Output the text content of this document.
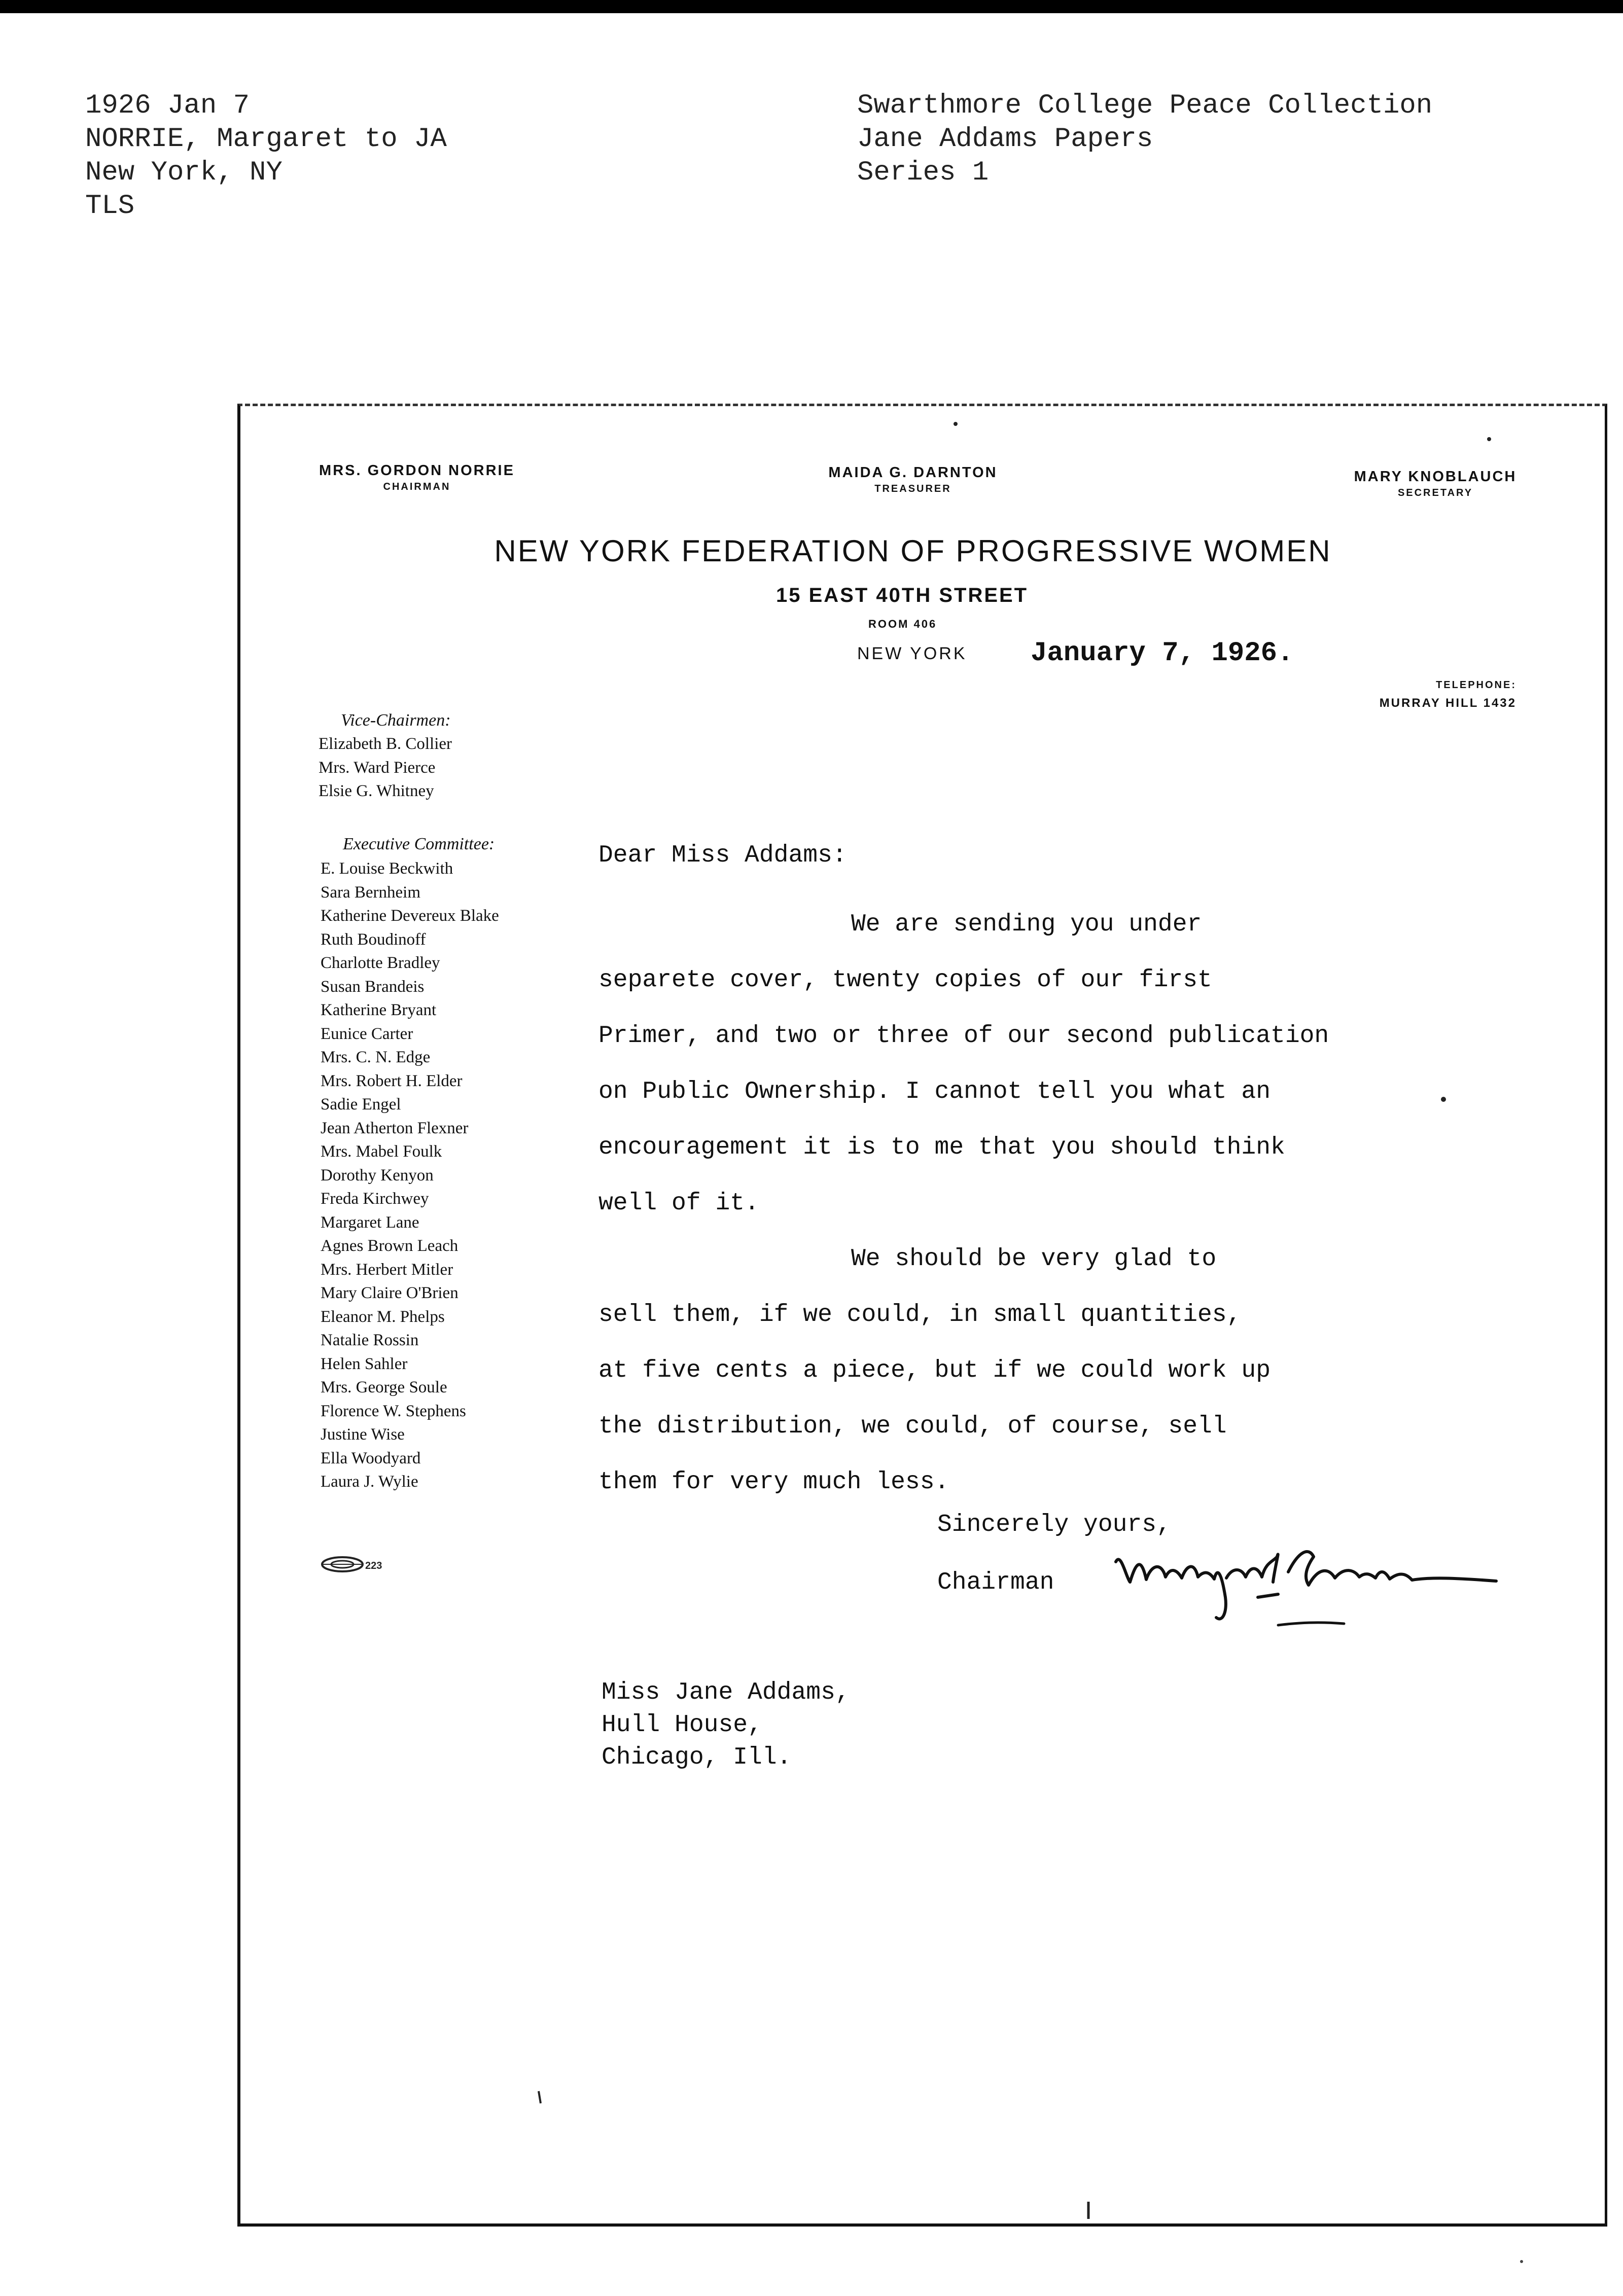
1926 Jan 7
NORRIE, Margaret to JA
New York, NY
TLS
Swarthmore College Peace Collection
Jane Addams Papers
Series 1
MRS. GORDON NORRIE
CHAIRMAN
MAIDA G. DARNTON
TREASURER
MARY KNOBLAUCH
SECRETARY
NEW YORK FEDERATION OF PROGRESSIVE WOMEN
15 EAST 40TH STREET
ROOM 406
NEW YORK January 7, 1926.
TELEPHONE:
MURRAY HILL 1432
Vice-Chairmen:
Elizabeth B. Collier
Mrs. Ward Pierce
Elsie G. Whitney
Executive Committee:
E. Louise Beckwith
Sara Bernheim
Katherine Devereux Blake
Ruth Boudinoff
Charlotte Bradley
Susan Brandeis
Katherine Bryant
Eunice Carter
Mrs. C. N. Edge
Mrs. Robert H. Elder
Sadie Engel
Jean Atherton Flexner
Mrs. Mabel Foulk
Dorothy Kenyon
Freda Kirchwey
Margaret Lane
Agnes Brown Leach
Mrs. Herbert Mitler
Mary Claire O'Brien
Eleanor M. Phelps
Natalie Rossin
Helen Sahler
Mrs. George Soule
Florence W. Stephens
Justine Wise
Ella Woodyard
Laura J. Wylie
223
Dear Miss Addams:
We are sending you under
separete cover, twenty copies of our first
Primer, and two or three of our second publication
on Public Ownership. I cannot tell you what an
encouragement it is to me that you should think
well of it.
We should be very glad to
sell them, if we could, in small quantities,
at five cents a piece, but if we could work up
the distribution, we could, of course, sell
them for very much less.
Sincerely yours,
Chairman
Miss Jane Addams,
Hull House,
Chicago, Ill.
